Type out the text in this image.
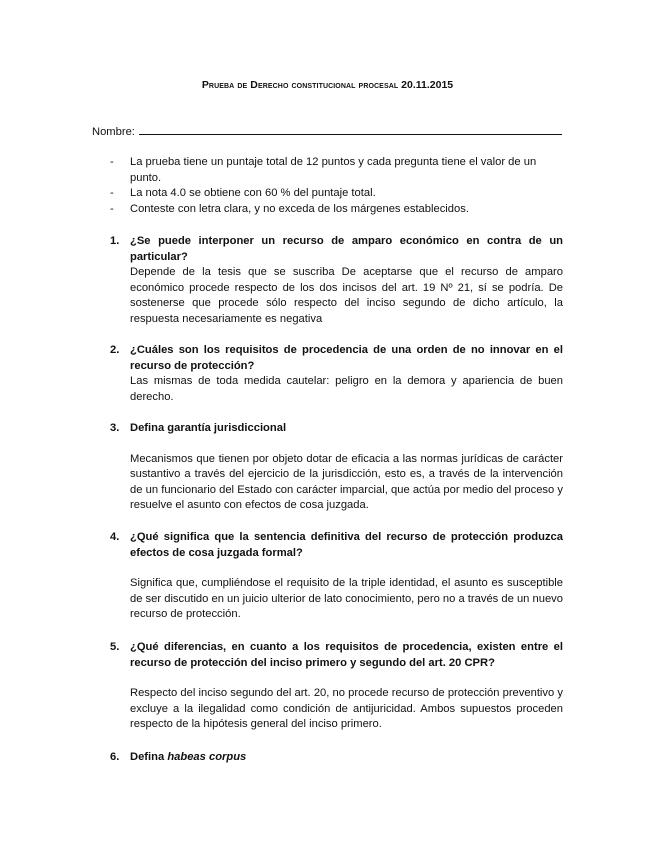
Prueba de Derecho constitucional procesal 20.11.2015
Nombre:
-	La prueba tiene un puntaje total de 12 puntos y cada pregunta tiene el valor de un punto.
-	La nota 4.0 se obtiene con 60 % del puntaje total.
-	Conteste con letra clara, y no exceda de los márgenes establecidos.
1. ¿Se puede interponer un recurso de amparo económico en contra de un particular?
Depende de la tesis que se suscriba De aceptarse que el recurso de amparo económico procede respecto de los dos incisos del art. 19 Nº 21, sí se podría. De sostenerse que procede sólo respecto del inciso segundo de dicho artículo, la respuesta necesariamente es negativa
2. ¿Cuáles son los requisitos de procedencia de una orden de no innovar en el recurso de protección?
Las mismas de toda medida cautelar: peligro en la demora y apariencia de buen derecho.
3. Defina garantía jurisdiccional
Mecanismos que tienen por objeto dotar de eficacia a las normas jurídicas de carácter sustantivo a través del ejercicio de la jurisdicción, esto es, a través de la intervención de un funcionario del Estado con carácter imparcial, que actúa por medio del proceso y resuelve el asunto con efectos de cosa juzgada.
4. ¿Qué significa que la sentencia definitiva del recurso de protección produzca efectos de cosa juzgada formal?
Significa que, cumpliéndose el requisito de la triple identidad, el asunto es susceptible de ser discutido en un juicio ulterior de lato conocimiento, pero no a través de un nuevo recurso de protección.
5. ¿Qué diferencias, en cuanto a los requisitos de procedencia, existen entre el recurso de protección del inciso primero y segundo del art. 20 CPR?
Respecto del inciso segundo del art. 20, no procede recurso de protección preventivo y excluye a la ilegalidad como condición de antijuricidad. Ambos supuestos proceden respecto de la hipótesis general del inciso primero.
6. Defina habeas corpus
